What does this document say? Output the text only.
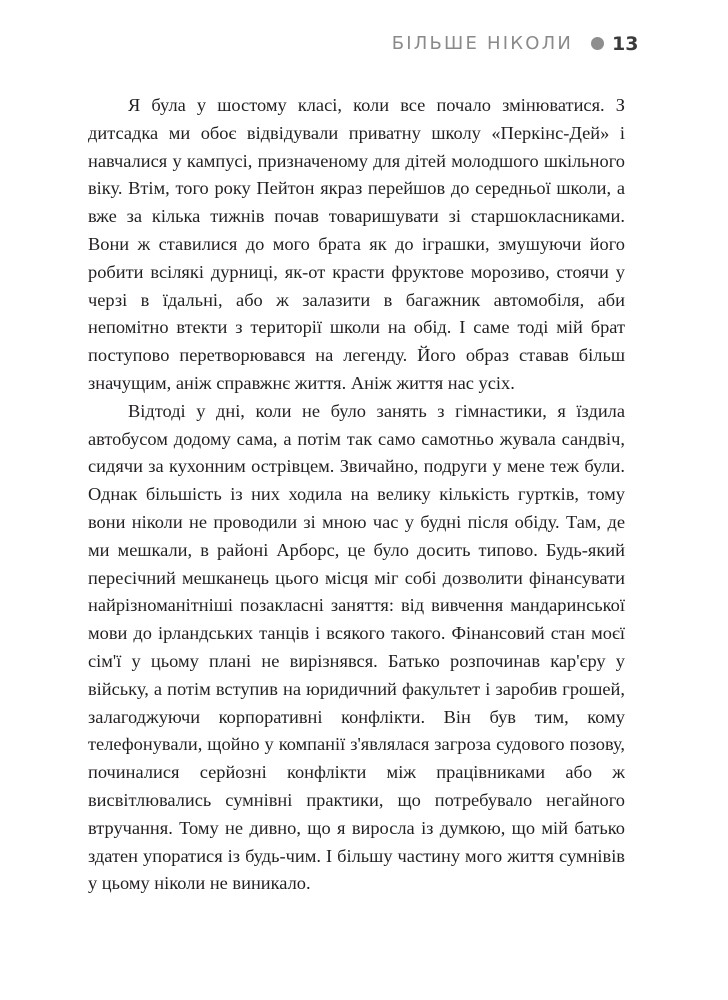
БІЛЬШЕ НІКОЛИ 13

Я була у шостому класі, коли все почало змінюватися. З дитсадка ми обоє відвідували приватну школу «Перкінс-Дей» і навчалися у кампусі, призначеному для дітей молодшого шкільного віку. Втім, того року Пейтон якраз перейшов до середньої школи, а вже за кілька тижнів почав товаришувати зі старшокласниками. Вони ж ставилися до мого брата як до іграшки, змушуючи його робити всілякі дурниці, як-от красти фруктове морозиво, стоячи у черзі в їдальні, або ж залазити в багажник автомобіля, аби непомітно втекти з території школи на обід. І саме тоді мій брат поступово перетворювався на легенду. Його образ ставав більш значущим, аніж справжнє життя. Аніж життя нас усіх.

Відтоді у дні, коли не було занять з гімнастики, я їздила автобусом додому сама, а потім так само самотньо жувала сандвіч, сидячи за кухонним острівцем. Звичайно, подруги у мене теж були. Однак більшість із них ходила на велику кількість гуртків, тому вони ніколи не проводили зі мною час у будні після обіду. Там, де ми мешкали, в районі Арборс, це було досить типово. Будь-який пересічний мешканець цього місця міг собі дозволити фінансувати найрізноманітніші позакласні заняття: від вивчення мандаринської мови до ірландських танців і всякого такого. Фінансовий стан моєї сім'ї у цьому плані не вирізнявся. Батько розпочинав кар'єру у війську, а потім вступив на юридичний факультет і заробив грошей, залагоджуючи корпоративні конфлікти. Він був тим, кому телефонували, щойно у компанії з'являлася загроза судового позову, починалися серйозні конфлікти між працівниками або ж висвітлювались сумнівні практики, що потребувало негайного втручання. Тому не дивно, що я виросла із думкою, що мій батько здатен упоратися із будь-чим. І більшу частину мого життя сумнівів у цьому ніколи не виникало.
